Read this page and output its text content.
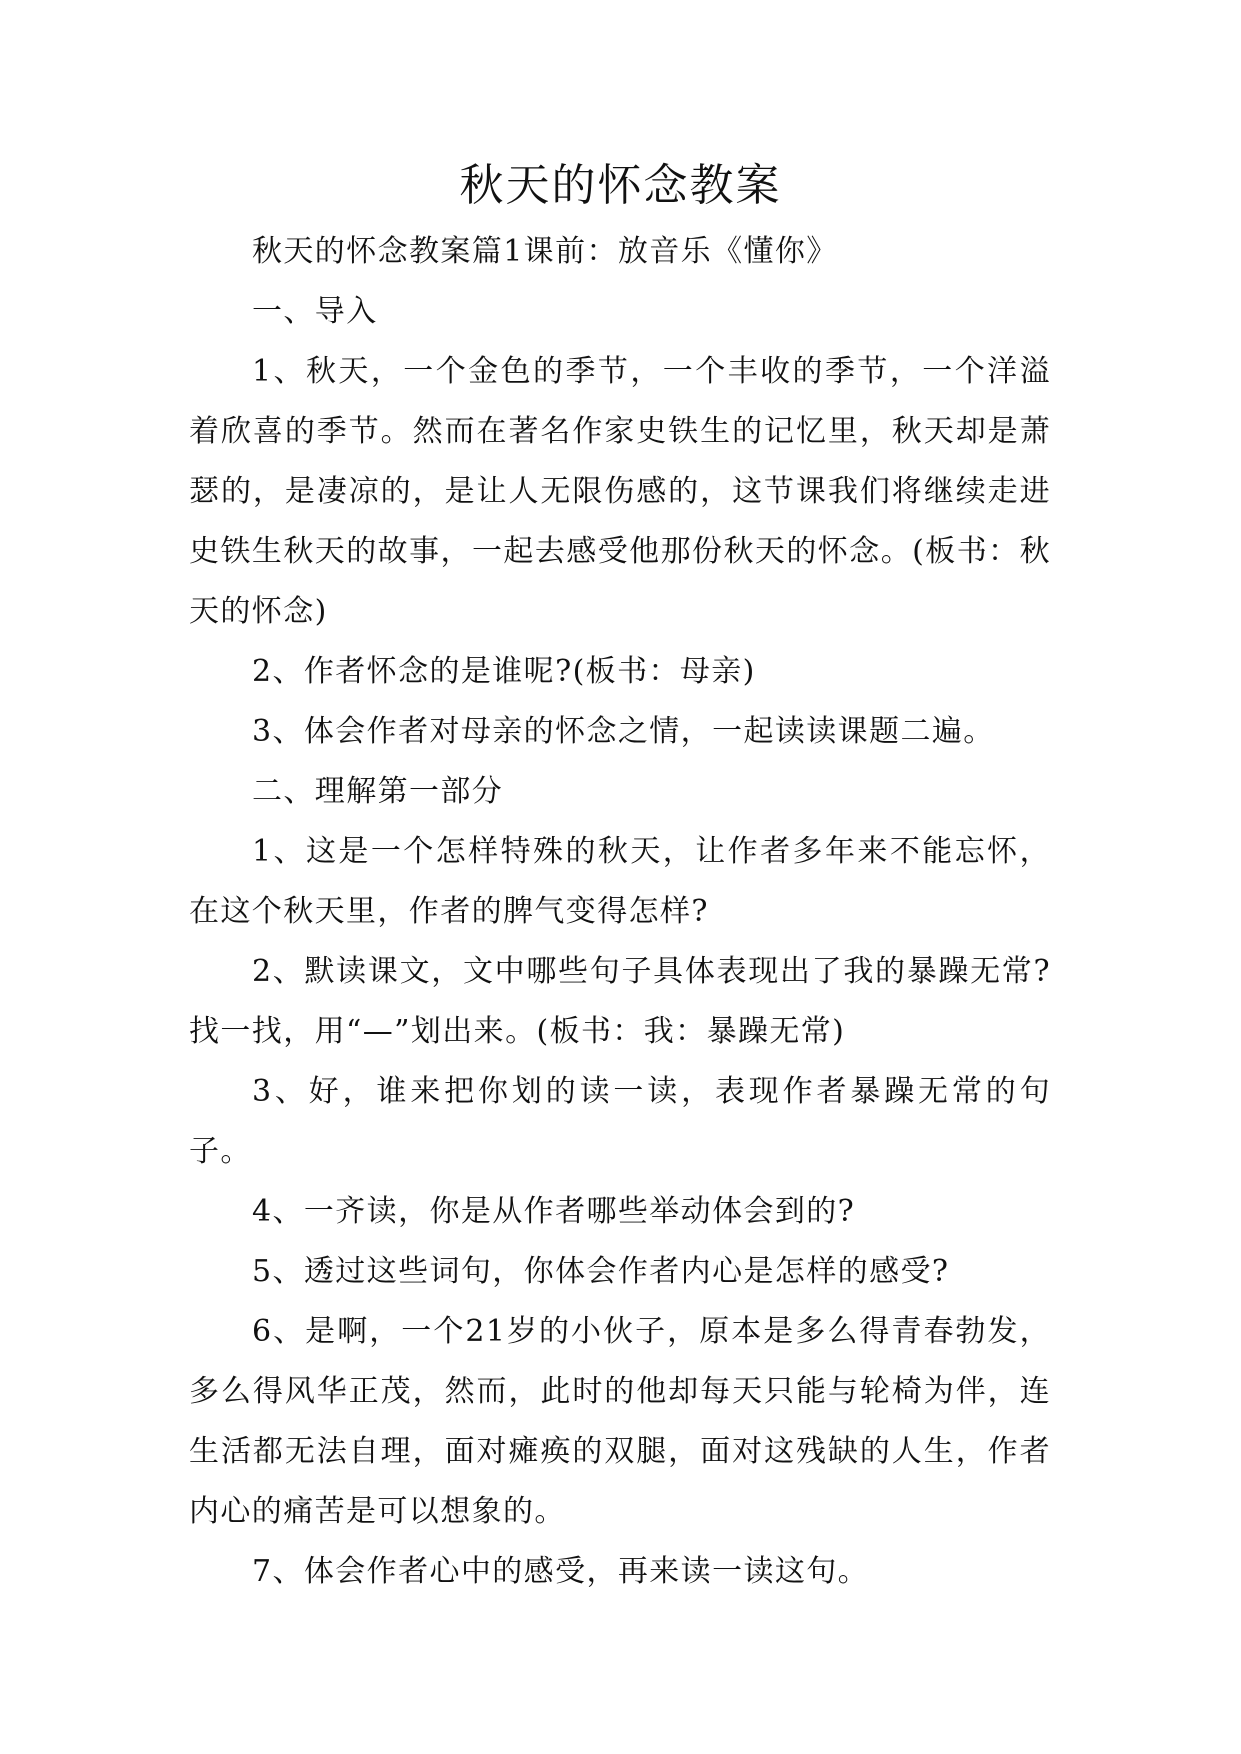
秋天的怀念教案

秋天的怀念教案篇1课前：放音乐《懂你》

一、导入

1、秋天，一个金色的季节，一个丰收的季节，一个洋溢着欣喜的季节。然而在著名作家史铁生的记忆里，秋天却是萧瑟的，是凄凉的，是让人无限伤感的，这节课我们将继续走进史铁生秋天的故事，一起去感受他那份秋天的怀念。(板书：秋天的怀念)

2、作者怀念的是谁呢?(板书：母亲)

3、体会作者对母亲的怀念之情，一起读读课题二遍。

二、理解第一部分

1、这是一个怎样特殊的秋天，让作者多年来不能忘怀，在这个秋天里，作者的脾气变得怎样?

2、默读课文，文中哪些句子具体表现出了我的暴躁无常?找一找，用“—”划出来。(板书：我：暴躁无常)

3、好，谁来把你划的读一读，表现作者暴躁无常的句子。

4、一齐读，你是从作者哪些举动体会到的?

5、透过这些词句，你体会作者内心是怎样的感受?

6、是啊，一个21岁的小伙子，原本是多么得青春勃发，多么得风华正茂，然而，此时的他却每天只能与轮椅为伴，连生活都无法自理，面对瘫痪的双腿，面对这残缺的人生，作者内心的痛苦是可以想象的。

7、体会作者心中的感受，再来读一读这句。
